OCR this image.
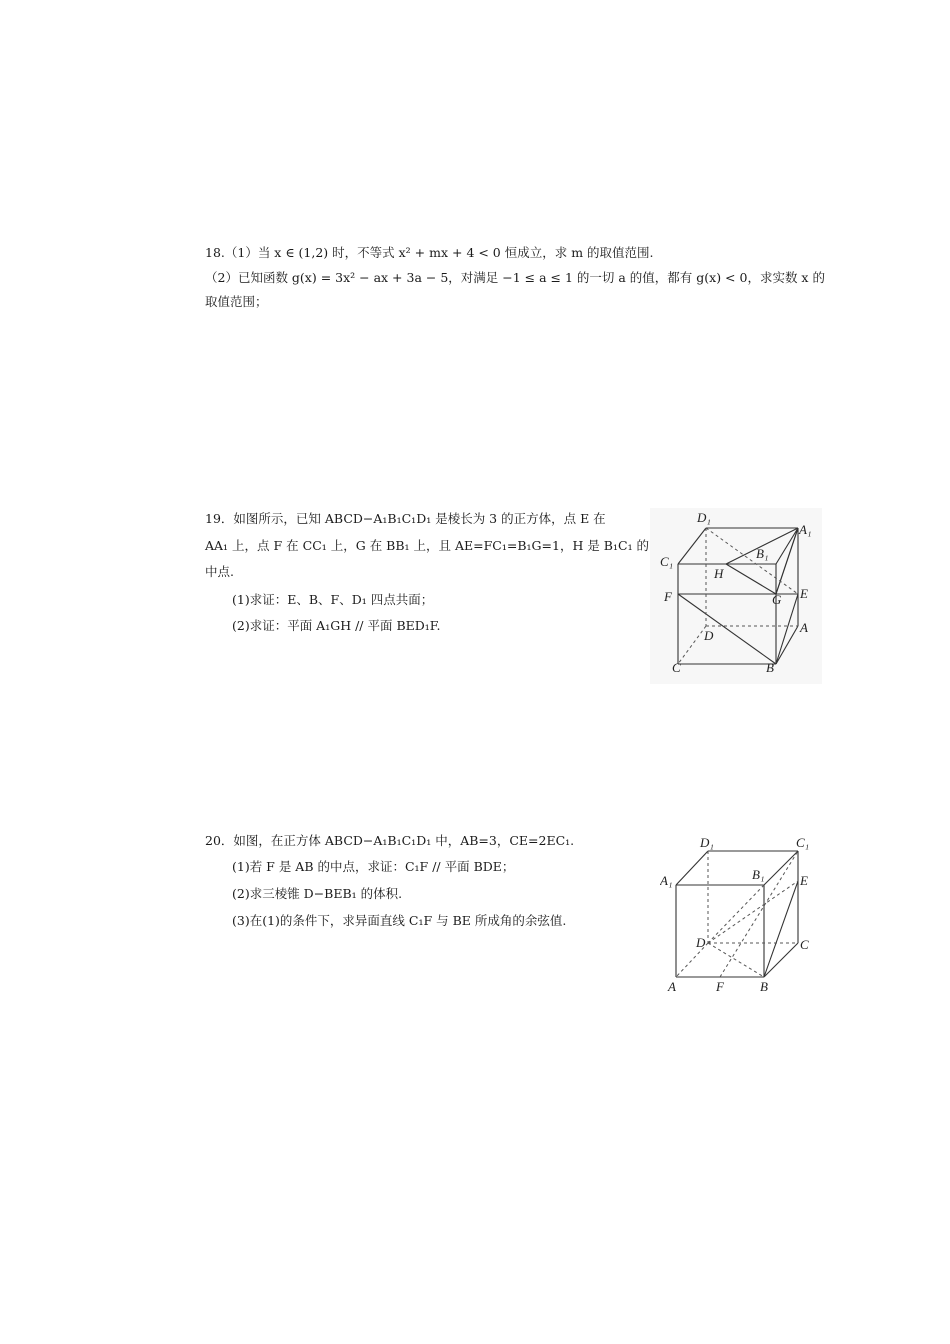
18.（1）当 x ∈ (1,2) 时，不等式 x² + mx + 4 < 0 恒成立，求 m 的取值范围.
（2）已知函数 g(x) = 3x² − ax + 3a − 5，对满足 −1 ≤ a ≤ 1 的一切 a 的值，都有 g(x) < 0，求实数 x 的
取值范围；
19．如图所示，已知 ABCD−A₁B₁C₁D₁ 是棱长为 3 的正方体，点 E 在
AA₁ 上，点 F 在 CC₁ 上，G 在 BB₁ 上，且 AE=FC₁=B₁G=1，H 是 B₁C₁ 的
中点.
(1)求证：E、B、F、D₁ 四点共面；
(2)求证：平面 A₁GH // 平面 BED₁F.
D₁
A₁
B₁
C₁
H
F	G E
D
A
C	B
20．如图，在正方体 ABCD−A₁B₁C₁D₁ 中，AB=3，CE=2EC₁.
(1)若 F 是 AB 的中点，求证：C₁F // 平面 BDE；
(2)求三棱锥 D−BEB₁ 的体积.
(3)在(1)的条件下，求异面直线 C₁F 与 BE 所成角的余弦值.
D₁	C₁
A₁	B₁	E
D	C
A	F	B
